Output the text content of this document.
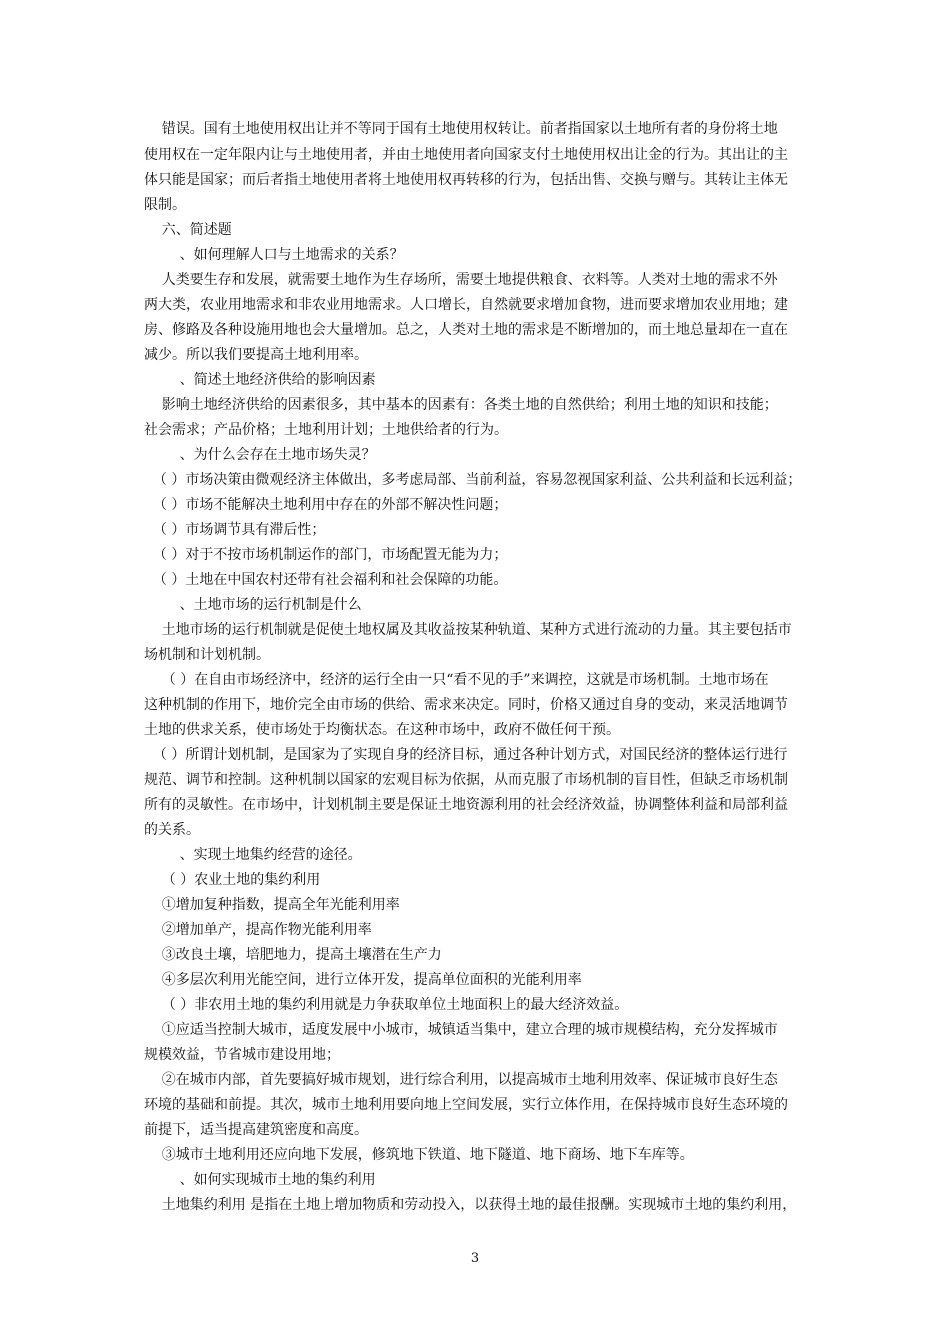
错误。国有土地使用权出让并不等同于国有土地使用权转让。前者指国家以土地所有者的身份将土地
使用权在一定年限内让与土地使用者，并由土地使用者向国家支付土地使用权出让金的行为。其出让的主
体只能是国家；而后者指土地使用者将土地使用权再转移的行为，包括出售、交换与赠与。其转让主体无
限制。
六、简述题
、如何理解人口与土地需求的关系？
人类要生存和发展，就需要土地作为生存场所，需要土地提供粮食、衣料等。人类对土地的需求不外
两大类，农业用地需求和非农业用地需求。人口增长，自然就要求增加食物，进而要求增加农业用地；建
房、修路及各种设施用地也会大量增加。总之，人类对土地的需求是不断增加的，而土地总量却在一直在
减少。所以我们要提高土地利用率。
、简述土地经济供给的影响因素
影响土地经济供给的因素很多，其中基本的因素有：各类土地的自然供给；利用土地的知识和技能；
社会需求；产品价格；土地利用计划；土地供给者的行为。
、为什么会存在土地市场失灵？
（ ）市场决策由微观经济主体做出，多考虑局部、当前利益，容易忽视国家利益、公共利益和长远利益；
（ ）市场不能解决土地利用中存在的外部不解决性问题；
（ ）市场调节具有滞后性；
（ ）对于不按市场机制运作的部门，市场配置无能为力；
（ ）土地在中国农村还带有社会福利和社会保障的功能。
、土地市场的运行机制是什么
土地市场的运行机制就是促使土地权属及其收益按某种轨道、某种方式进行流动的力量。其主要包括市
场机制和计划机制。
（ ）在自由市场经济中，经济的运行全由一只“看不见的手”来调控，这就是市场机制。土地市场在
这种机制的作用下，地价完全由市场的供给、需求来决定。同时，价格又通过自身的变动，来灵活地调节
土地的供求关系，使市场处于均衡状态。在这种市场中，政府不做任何干预。
（ ）所谓计划机制，是国家为了实现自身的经济目标，通过各种计划方式，对国民经济的整体运行进行
规范、调节和控制。这种机制以国家的宏观目标为依据，从而克服了市场机制的盲目性，但缺乏市场机制
所有的灵敏性。在市场中，计划机制主要是保证土地资源利用的社会经济效益，协调整体利益和局部利益
的关系。
、实现土地集约经营的途径。
（ ）农业土地的集约利用
①增加复种指数，提高全年光能利用率
②增加单产，提高作物光能利用率
③改良土壤，培肥地力，提高土壤潜在生产力
④多层次利用光能空间，进行立体开发，提高单位面积的光能利用率
（ ）非农用土地的集约利用就是力争获取单位土地面积上的最大经济效益。
①应适当控制大城市，适度发展中小城市，城镇适当集中，建立合理的城市规模结构，充分发挥城市
规模效益，节省城市建设用地；
②在城市内部，首先要搞好城市规划，进行综合利用，以提高城市土地利用效率、保证城市良好生态
环境的基础和前提。其次，城市土地利用要向地上空间发展，实行立体作用，在保持城市良好生态环境的
前提下，适当提高建筑密度和高度。
③城市土地利用还应向地下发展，修筑地下铁道、地下隧道、地下商场、地下车库等。
、如何实现城市土地的集约利用
土地集约利用 是指在土地上增加物质和劳动投入，以获得土地的最佳报酬。实现城市土地的集约利用，
3
